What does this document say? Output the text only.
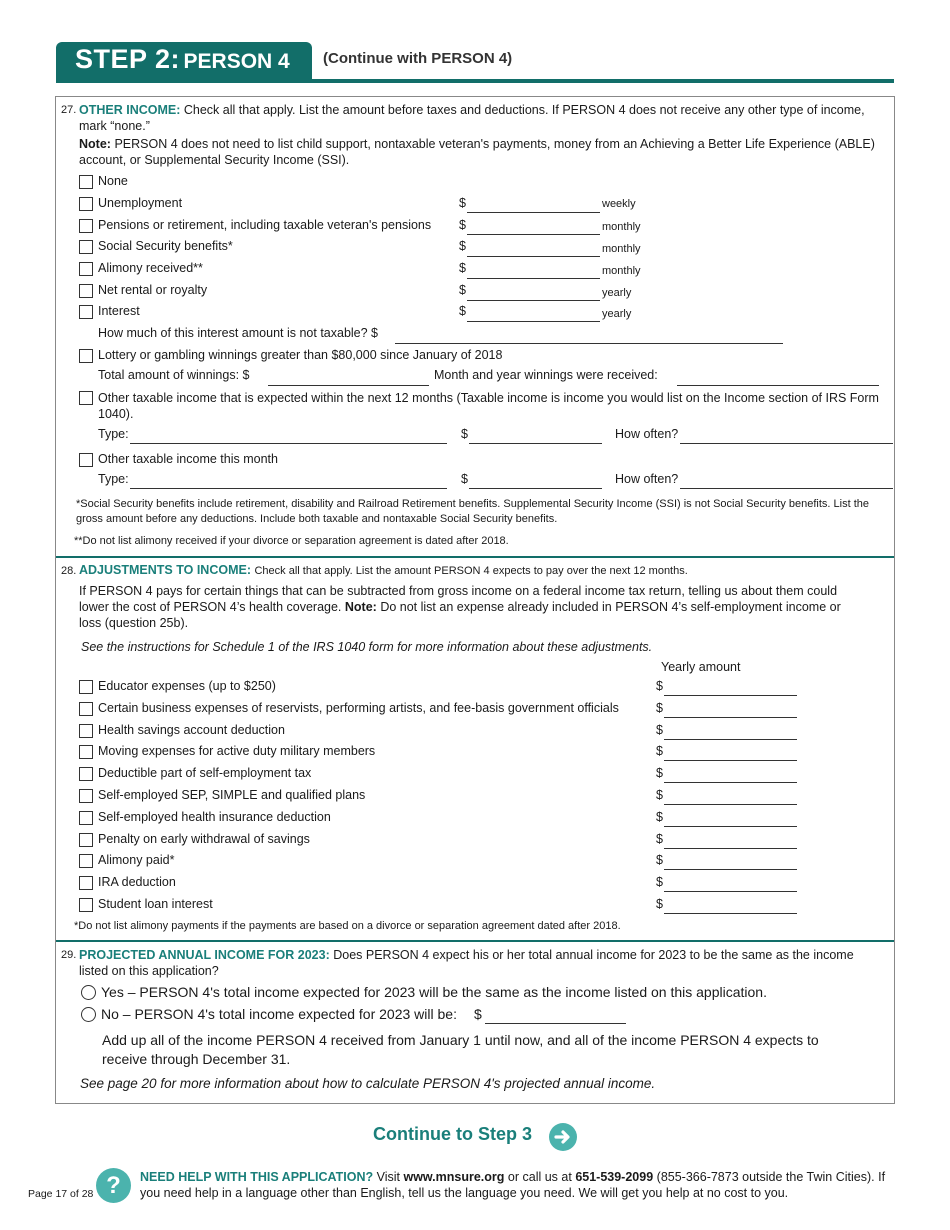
STEP 2: PERSON 4 (Continue with PERSON 4)
27. OTHER INCOME: Check all that apply. List the amount before taxes and deductions. If PERSON 4 does not receive any other type of income, mark “none.”
Note: PERSON 4 does not need to list child support, nontaxable veteran's payments, money from an Achieving a Better Life Experience (ABLE) account, or Supplemental Security Income (SSI).
None
Unemployment	$	weekly
Pensions or retirement, including taxable veteran's pensions $	monthly
Social Security benefits*	$	monthly
Alimony received**	$	monthly
Net rental or royalty	$	yearly
Interest	$	yearly
How much of this interest amount is not taxable? $
Lottery or gambling winnings greater than $80,000 since January of 2018
Total amount of winnings: $	Month and year winnings were received:
Other taxable income that is expected within the next 12 months (Taxable income is income you would list on the Income section of IRS Form 1040).
Type:	$	How often?
Other taxable income this month
Type:	$	How often?
*Social Security benefits include retirement, disability and Railroad Retirement benefits. Supplemental Security Income (SSI) is not Social Security benefits. List the gross amount before any deductions. Include both taxable and nontaxable Social Security benefits.
**Do not list alimony received if your divorce or separation agreement is dated after 2018.
28. ADJUSTMENTS TO INCOME: Check all that apply. List the amount PERSON 4 expects to pay over the next 12 months.
If PERSON 4 pays for certain things that can be subtracted from gross income on a federal income tax return, telling us about them could lower the cost of PERSON 4’s health coverage. Note: Do not list an expense already included in PERSON 4’s self-employment income or loss (question 25b).
See the instructions for Schedule 1 of the IRS 1040 form for more information about these adjustments.
Yearly amount
Educator expenses (up to $250)	$
Certain business expenses of reservists, performing artists, and fee-basis government officials	$
Health savings account deduction	$
Moving expenses for active duty military members	$
Deductible part of self-employment tax	$
Self-employed SEP, SIMPLE and qualified plans	$
Self-employed health insurance deduction	$
Penalty on early withdrawal of savings	$
Alimony paid*	$
IRA deduction	$
Student loan interest	$
*Do not list alimony payments if the payments are based on a divorce or separation agreement dated after 2018.
29. PROJECTED ANNUAL INCOME FOR 2023: Does PERSON 4 expect his or her total annual income for 2023 to be the same as the income listed on this application?
Yes – PERSON 4's total income expected for 2023 will be the same as the income listed on this application.
No – PERSON 4's total income expected for 2023 will be: $
Add up all of the income PERSON 4 received from January 1 until now, and all of the income PERSON 4 expects to receive through December 31.
See page 20 for more information about how to calculate PERSON 4's projected annual income.
Continue to Step 3
Page 17 of 28 ?	NEED HELP WITH THIS APPLICATION? Visit www.mnsure.org or call us at 651-539-2099 (855-366-7873 outside the Twin Cities). If you need help in a language other than English, tell us the language you need. We will get you help at no cost to you.
